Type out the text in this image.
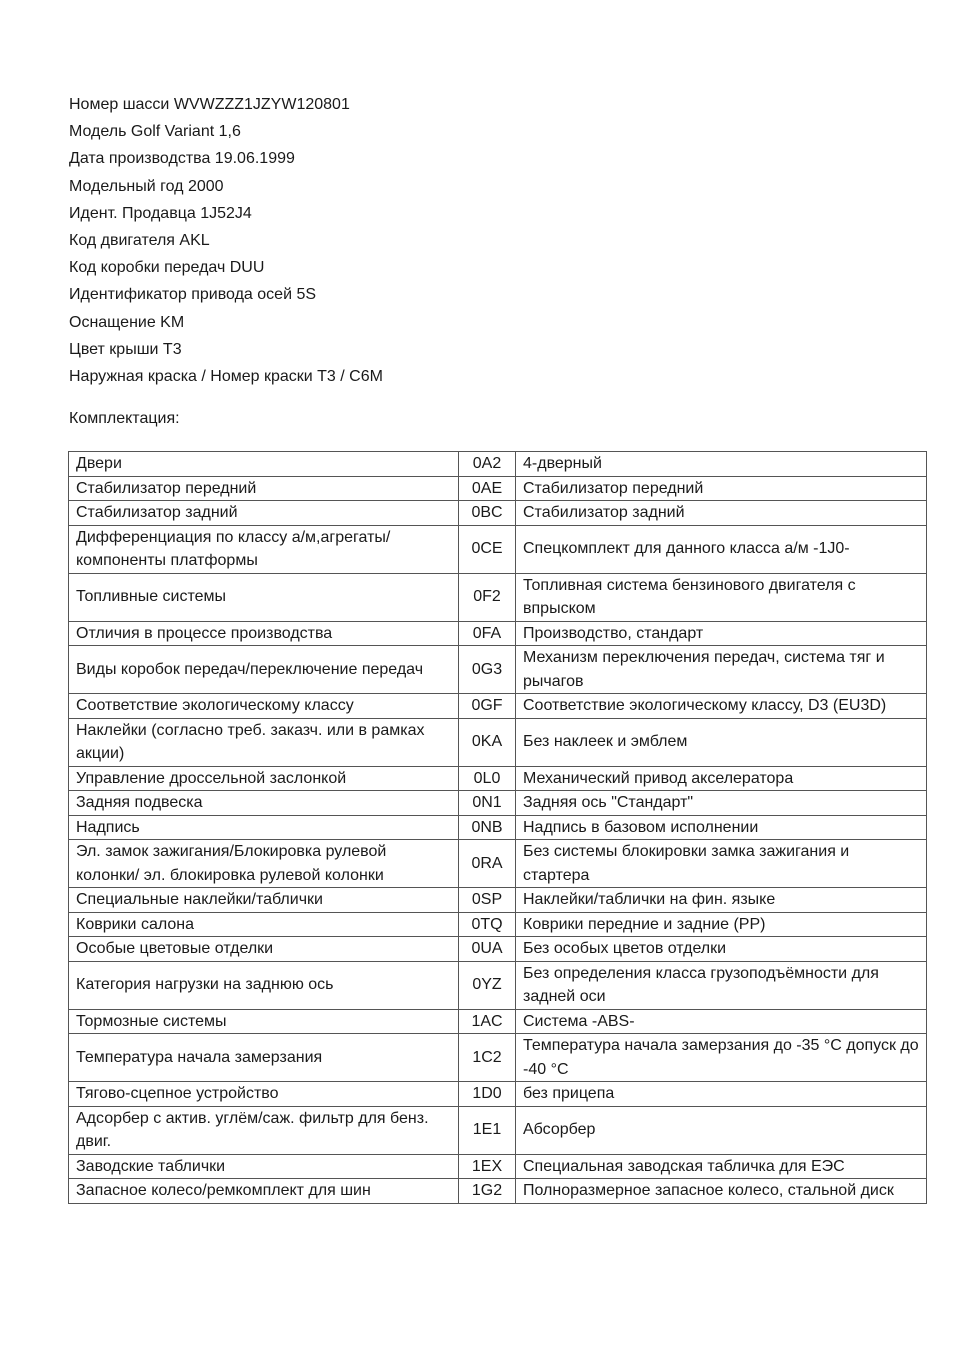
Номер шасси WVWZZZ1JZYW120801
Модель Golf Variant 1,6
Дата производства 19.06.1999
Модельный год 2000
Идент. Продавца 1J52J4
Код двигателя AKL
Код коробки передач DUU
Идентификатор привода осей 5S
Оснащение KM
Цвет крыши T3
Наружная краска / Номер краски T3 / C6M
Комплектация:
Двери	0A2	4-дверный
Стабилизатор передний	0AE	Стабилизатор передний
Стабилизатор задний	0BC	Стабилизатор задний
Дифференциация по классу а/м,агрегаты/компоненты платформы	0CE	Спецкомплект для данного класса а/м -1J0-
Топливные системы	0F2	Топливная система бензинового двигателя с впрыском
Отличия в процессе производства	0FA	Производство, стандарт
Виды коробок передач/переключение передач	0G3	Механизм переключения передач, система тяг и рычагов
Соответствие экологическому классу	0GF	Соответствие экологическому классу, D3 (EU3D)
Наклейки (согласно треб. заказч. или в рамках акции)	0KA	Без наклеек и эмблем
Управление дроссельной заслонкой	0L0	Механический привод акселератора
Задняя подвеска	0N1	Задняя ось "Стандарт"
Надпись	0NB	Надпись в базовом исполнении
Эл. замок зажигания/Блокировка рулевой колонки/ эл. блокировка рулевой колонки	0RA	Без системы блокировки замка зажигания и стартера
Специальные наклейки/таблички	0SP	Наклейки/таблички на фин. языке
Коврики салона	0TQ	Коврики передние и задние (PP)
Особые цветовые отделки	0UA	Без особых цветов отделки
Категория нагрузки на заднюю ось	0YZ	Без определения класса грузоподъёмности для задней оси
Тормозные системы	1AC	Система -ABS-
Температура начала замерзания	1C2	Температура начала замерзания до -35 °C допуск до -40 °C
Тягово-сцепное устройство	1D0	без прицепа
Адсорбер с актив. углём/саж. фильтр для бенз. двиг.	1E1	Абсорбер
Заводские таблички	1EX	Специальная заводская табличка для ЕЭС
Запасное колесо/ремкомплект для шин	1G2	Полноразмерное запасное колесо, стальной диск
